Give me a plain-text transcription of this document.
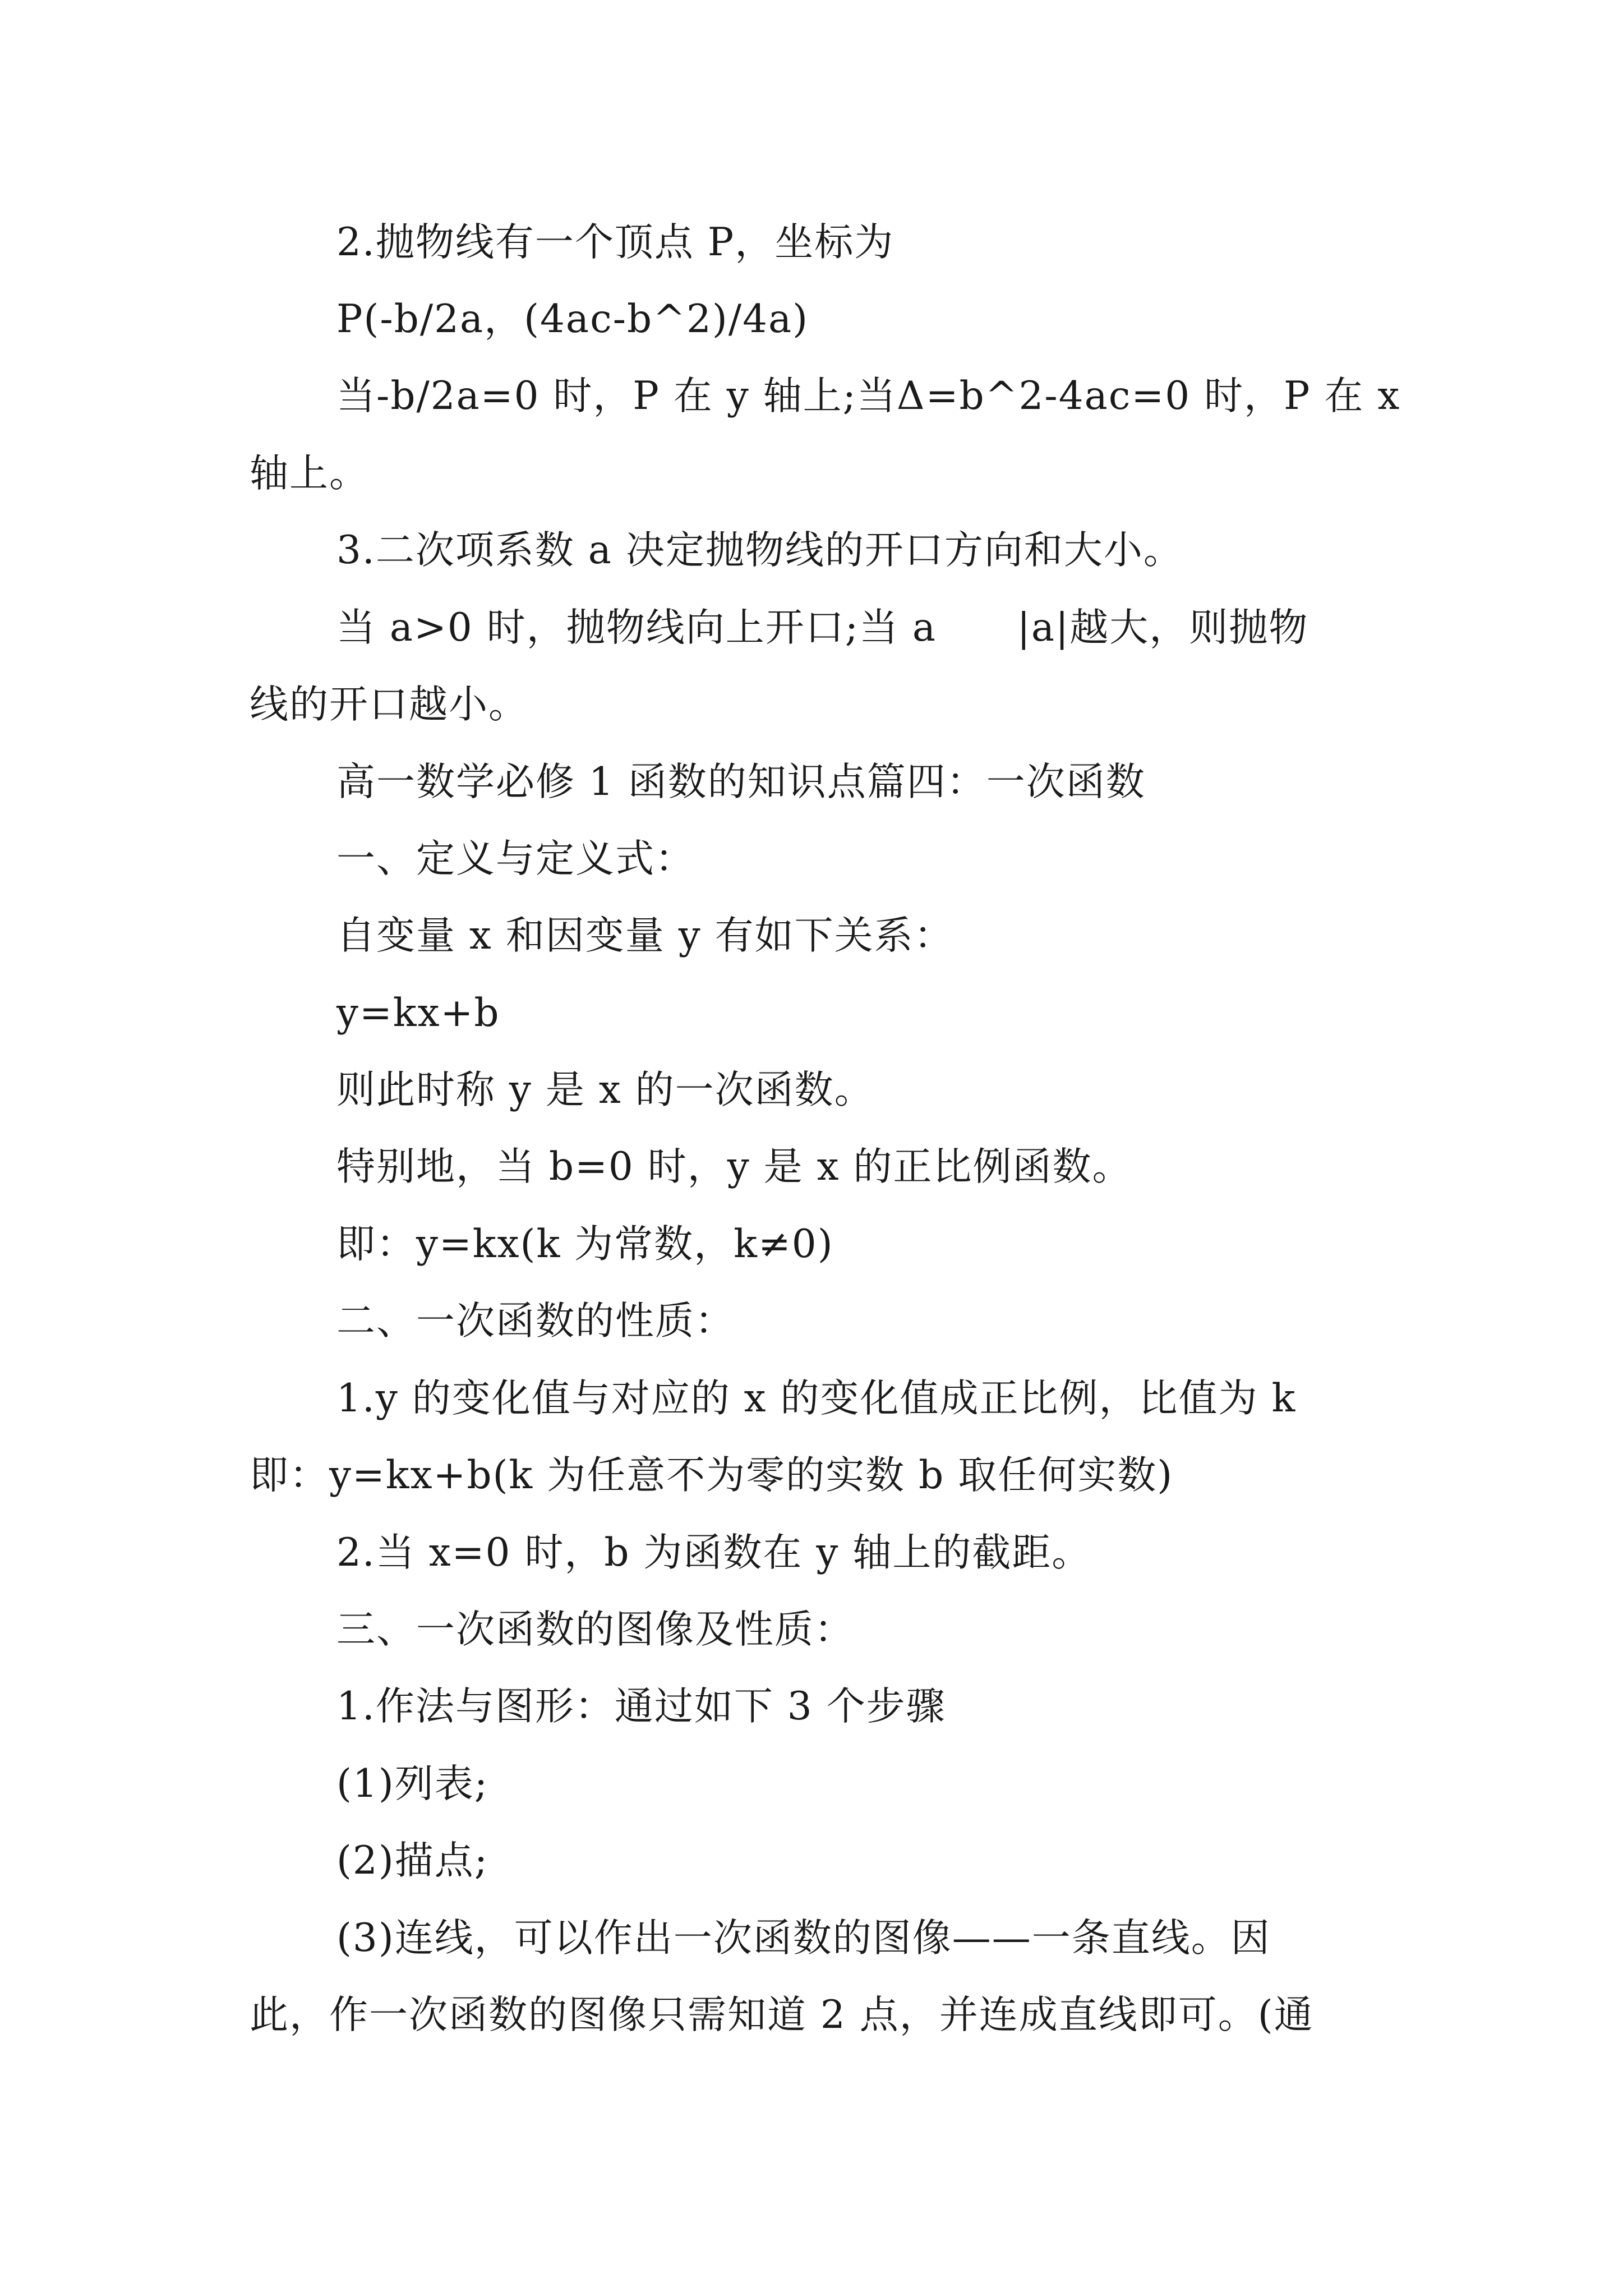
2.抛物线有一个顶点 P，坐标为
P(-b/2a，(4ac-b^2)/4a)
当-b/2a=0 时，P 在 y 轴上;当Δ=b^2-4ac=0 时，P 在 x
轴上。
3.二次项系数 a 决定抛物线的开口方向和大小。
当 a>0 时，抛物线向上开口;当 a      |a|越大，则抛物
线的开口越小。
高一数学必修 1 函数的知识点篇四：一次函数
一、定义与定义式：
自变量 x 和因变量 y 有如下关系：
y=kx+b
则此时称 y 是 x 的一次函数。
特别地，当 b=0 时，y 是 x 的正比例函数。
即：y=kx(k 为常数，k≠0)
二、一次函数的性质：
1.y 的变化值与对应的 x 的变化值成正比例，比值为 k
即：y=kx+b(k 为任意不为零的实数 b 取任何实数)
2.当 x=0 时，b 为函数在 y 轴上的截距。
三、一次函数的图像及性质：
1.作法与图形：通过如下 3 个步骤
(1)列表;
(2)描点;
(3)连线，可以作出一次函数的图像——一条直线。因
此，作一次函数的图像只需知道 2 点，并连成直线即可。(通
